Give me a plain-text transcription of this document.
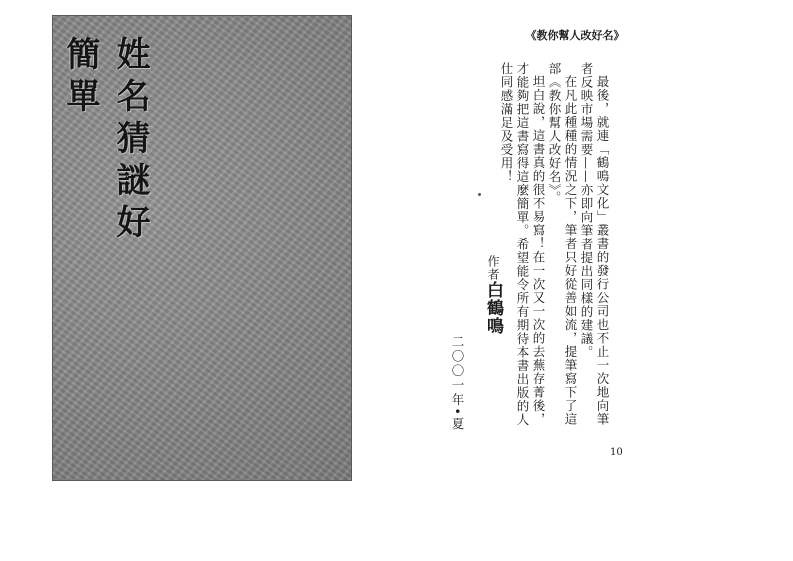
姓名猜謎好簡單
《教你幫人改好名》

最後，就連「鶴鳴文化」叢書的發行公司也不止一次地向筆者反映市場需要——亦即向筆者提出同樣的建議。

在凡此種種的情況之下，筆者只好從善如流，提筆寫下了這部《教你幫人改好名》。

坦白說，這書真的很不易寫！在一次又一次的去蕪存菁後，才能夠把這書寫得這麼簡單。希望能令所有期待本書出版的人仕同感滿足及受用！

作者白鶴鳴
二〇〇一年•夏
10
